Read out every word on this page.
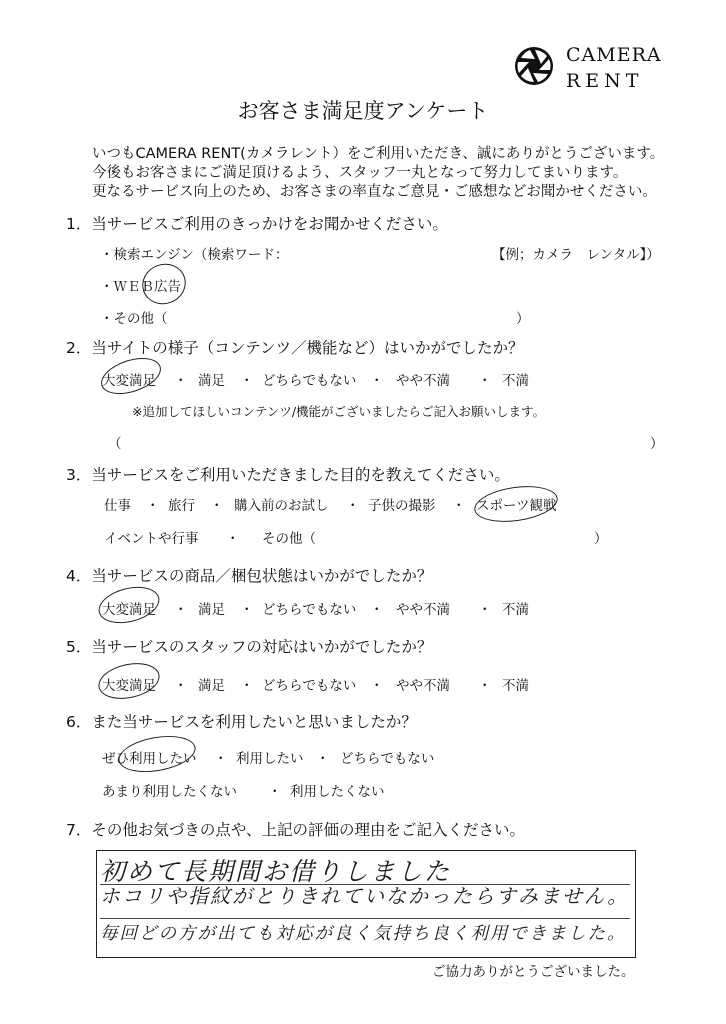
CAMERA
RENT
お客さま満足度アンケート
いつもCAMERA RENT(カメラレント）をご利用いただき、誠にありがとうございます。
今後もお客さまにご満足頂けるよう、スタッフ一丸となって努力してまいります。
更なるサービス向上のため、お客さまの率直なご意見・ご感想などお聞かせください。
1．当サービスご利用のきっかけをお聞かせください。
・検索エンジン（検索ワード：	【例；カメラ　レンタル】）
・ＷＥＢ広告
・その他（	）
2．当サイトの様子（コンテンツ／機能など）はいかがでしたか？
大変満足 ・ 満足 ・ どちらでもない ・ やや不満 ・ 不満
※追加してほしいコンテンツ/機能がございましたらご記入お願いします。
（	）
3．当サービスをご利用いただきました目的を教えてください。
仕事 ・ 旅行 ・ 購入前のお試し ・ 子供の撮影 ・ スポーツ観戦
イベントや行事 ・ その他（	）
4．当サービスの商品／梱包状態はいかがでしたか？
大変満足 ・ 満足 ・ どちらでもない ・ やや不満 ・ 不満
5．当サービスのスタッフの対応はいかがでしたか？
大変満足 ・ 満足 ・ どちらでもない ・ やや不満 ・ 不満
6．また当サービスを利用したいと思いましたか？
ぜひ利用したい ・ 利用したい ・ どちらでもない
あまり利用したくない ・ 利用したくない
7．その他お気づきの点や、上記の評価の理由をご記入ください。
初めて長期間お借りしました
ホコリや指紋がとりきれていなかったらすみません。
毎回どの方が出ても対応が良く気持ち良く利用できました。
ご協力ありがとうございました。
